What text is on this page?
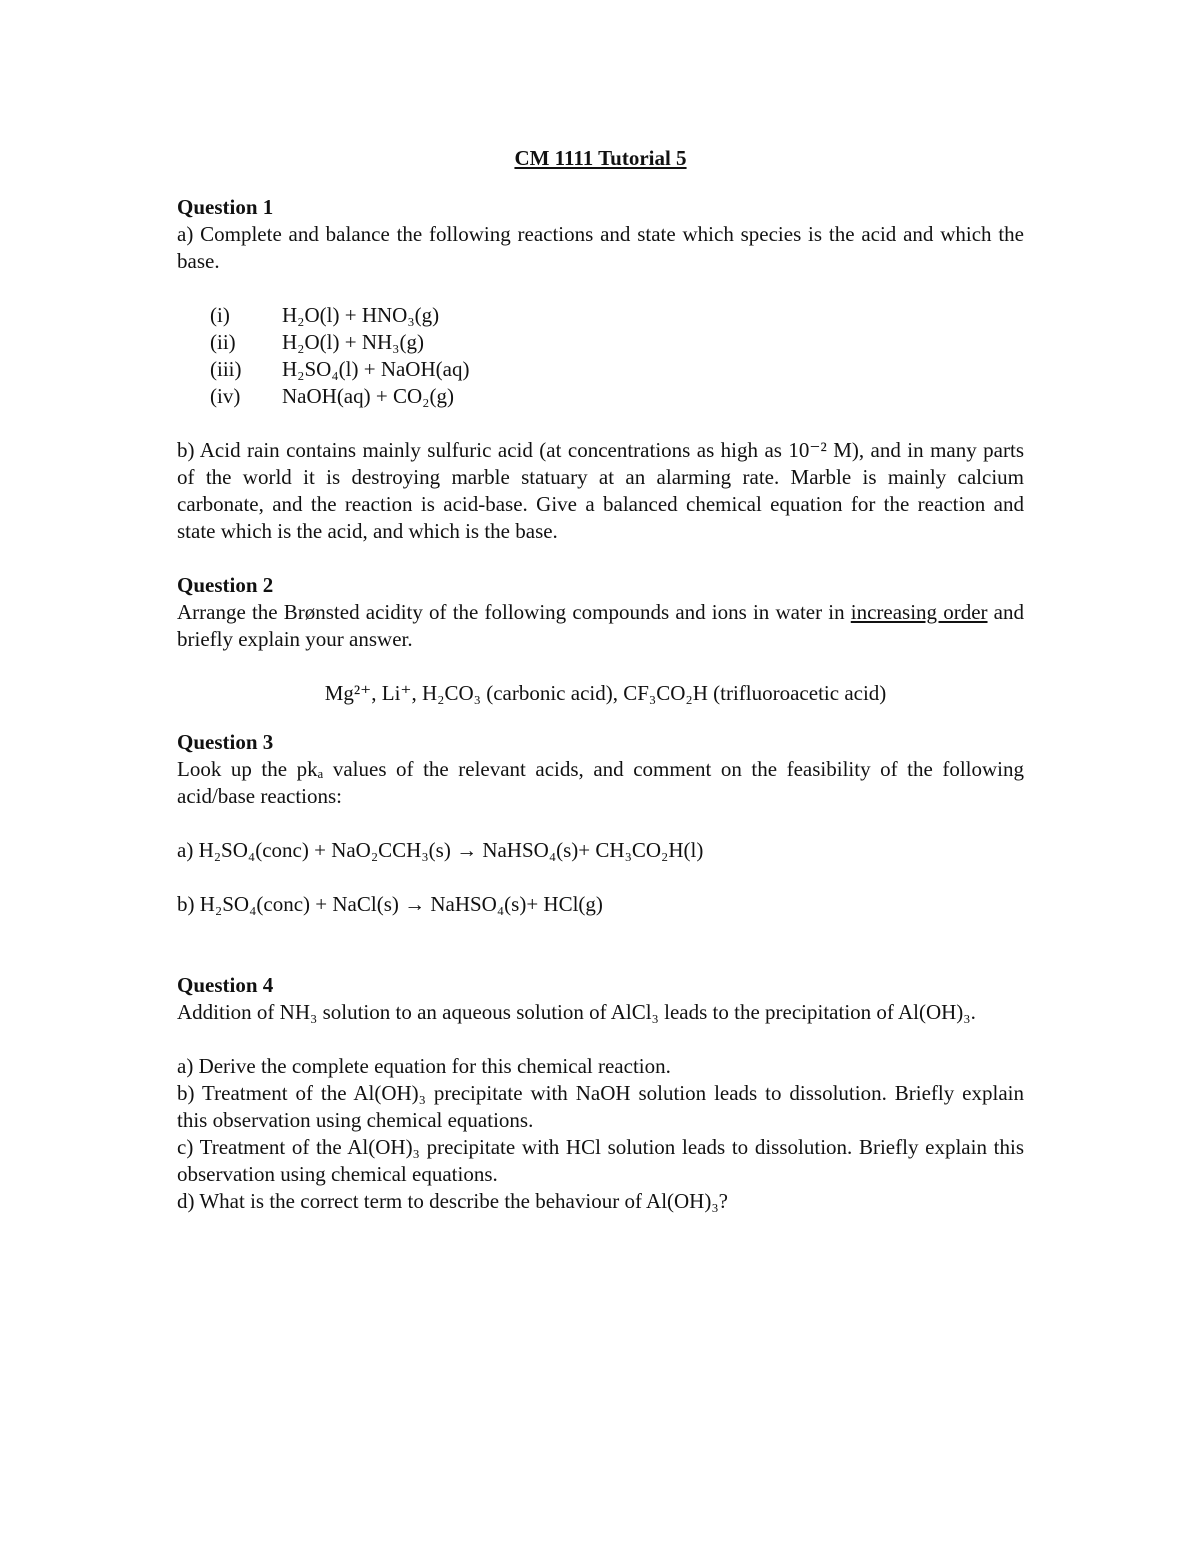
CM 1111 Tutorial 5

Question 1

a) Complete and balance the following reactions and state which species is the acid and which the base.

(i)	H₂O(l) + HNO₃(g)
(ii)	H₂O(l) + NH₃(g)
(iii)	H₂SO₄(l) + NaOH(aq)
(iv)	NaOH(aq) + CO₂(g)

b) Acid rain contains mainly sulfuric acid (at concentrations as high as 10⁻² M), and in many parts of the world it is destroying marble statuary at an alarming rate. Marble is mainly calcium carbonate, and the reaction is acid-base. Give a balanced chemical equation for the reaction and state which is the acid, and which is the base.

Question 2

Arrange the Brønsted acidity of the following compounds and ions in water in increasing order and briefly explain your answer.

Mg²⁺, Li⁺, H₂CO₃ (carbonic acid), CF₃CO₂H (trifluoroacetic acid)

Question 3

Look up the pkₐ values of the relevant acids, and comment on the feasibility of the following acid/base reactions:

a) H₂SO₄(conc) + NaO₂CCH₃(s) → NaHSO₄(s)+ CH₃CO₂H(l)

b) H₂SO₄(conc) + NaCl(s) → NaHSO₄(s)+ HCl(g)

Question 4

Addition of NH₃ solution to an aqueous solution of AlCl₃ leads to the precipitation of Al(OH)₃.

a) Derive the complete equation for this chemical reaction.

b) Treatment of the Al(OH)₃ precipitate with NaOH solution leads to dissolution. Briefly explain this observation using chemical equations.

c) Treatment of the Al(OH)₃ precipitate with HCl solution leads to dissolution. Briefly explain this observation using chemical equations.

d) What is the correct term to describe the behaviour of Al(OH)₃?
